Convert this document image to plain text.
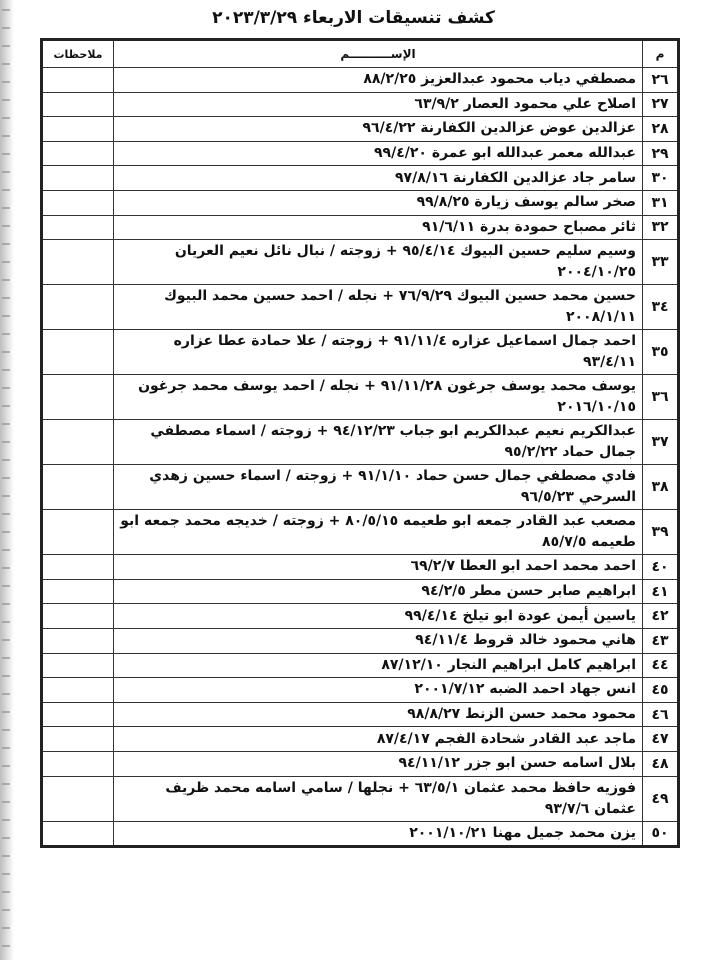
كشف تنسيقات الاربعاء ٢٠٢٣/٣/٢٩
م	الإســــــــــم	ملاحظات
٢٦	مصطفي دياب محمود عبدالعزيز ٨٨/٢/٢٥	
٢٧	اصلاح علي محمود العصار ٦٣/٩/٢	
٢٨	عزالدين عوض عزالدين الكفارنة ٩٦/٤/٢٢	
٢٩	عبدالله معمر عبدالله ابو عمرة ٩٩/٤/٢٠	
٣٠	سامر جاد عزالدين الكفارنة ٩٧/٨/١٦	
٣١	صخر سالم يوسف زيارة ٩٩/٨/٢٥	
٣٢	ثائر مصباح حمودة بدرة ٩١/٦/١١	
٣٣	وسيم سليم حسين البيوك ٩٥/٤/١٤ + زوجته / نبال نائل نعيم العريان ٢٠٠٤/١٠/٢٥	
٣٤	حسين محمد حسين البيوك ٧٦/٩/٢٩ + نجله / احمد حسين محمد البيوك ٢٠٠٨/١/١١	
٣٥	احمد جمال اسماعيل عزاره ٩١/١١/٤ + زوجته / علا حمادة عطا عزاره ٩٣/٤/١١	
٣٦	يوسف محمد يوسف جرغون ٩١/١١/٢٨ + نجله / احمد يوسف محمد جرغون ٢٠١٦/١٠/١٥	
٣٧	عبدالكريم نعيم عبدالكريم ابو جباب ٩٤/١٢/٢٣ + زوجته / اسماء مصطفي جمال حماد ٩٥/٢/٢٢	
٣٨	فادي مصطفي جمال حسن حماد ٩١/١/١٠ + زوجته / اسماء حسين زهدي السرحي ٩٦/٥/٢٣	
٣٩	مصعب عبد القادر جمعه ابو طعيمه ٨٠/٥/١٥ + زوجته / خديجه محمد جمعه ابو طعيمه ٨٥/٧/٥	
٤٠	احمد محمد احمد ابو العطا ٦٩/٢/٧	
٤١	ابراهيم صابر حسن مطر ٩٤/٢/٥	
٤٢	ياسين أيمن عودة ابو تيلخ ٩٩/٤/١٤	
٤٣	هاني محمود خالد قروط ٩٤/١١/٤	
٤٤	ابراهيم كامل ابراهيم النجار ٨٧/١٢/١٠	
٤٥	انس جهاد احمد الضبه ٢٠٠١/٧/١٢	
٤٦	محمود محمد حسن الزنط ٩٨/٨/٢٧	
٤٧	ماجد عبد القادر شحادة الفجم ٨٧/٤/١٧	
٤٨	بلال اسامه حسن ابو جزر ٩٤/١١/١٢	
٤٩	فوزيه حافظ محمد عثمان ٦٣/٥/١ + نجلها / سامي اسامه محمد ظريف عثمان ٩٣/٧/٦	
٥٠	يزن محمد جميل مهنا ٢٠٠١/١٠/٢١	
